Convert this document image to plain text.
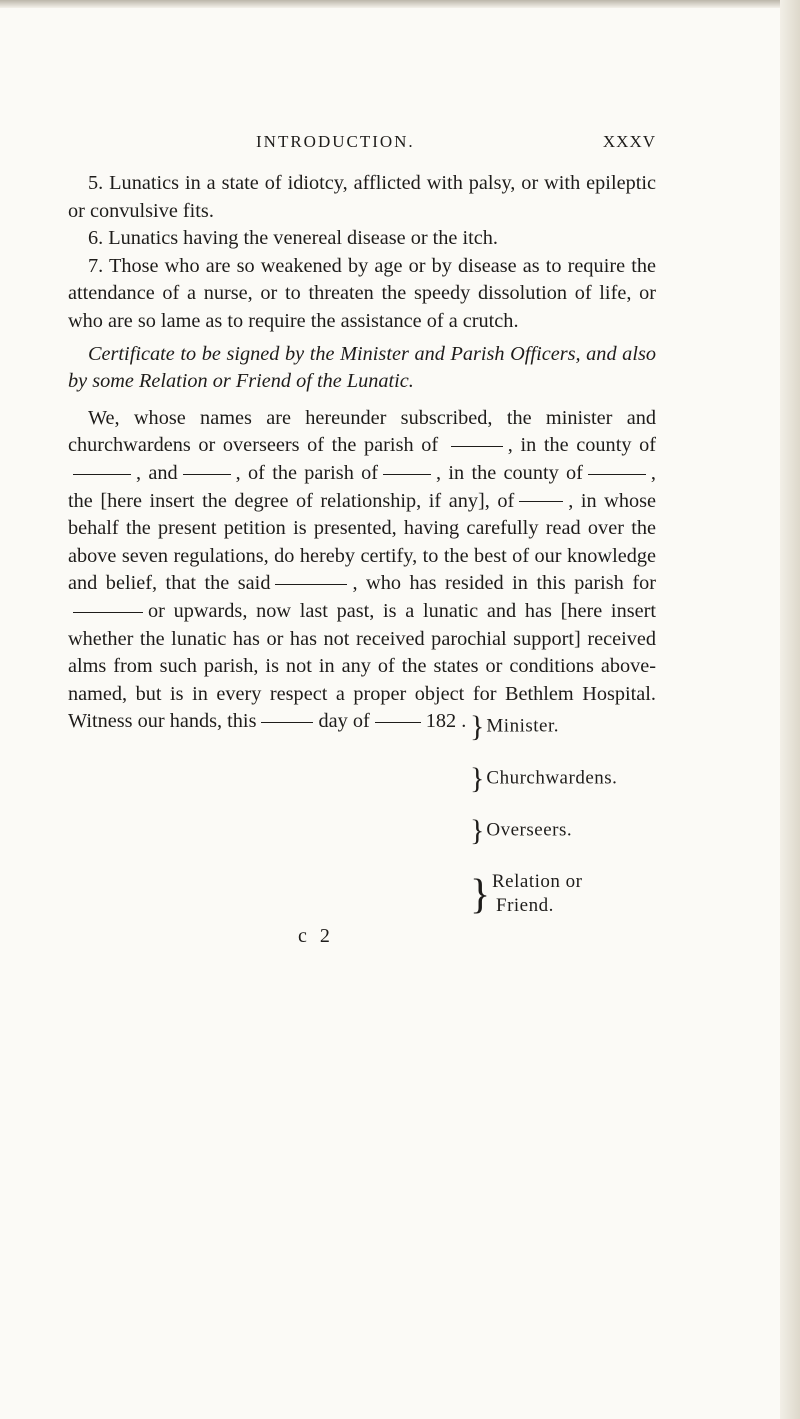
INTRODUCTION.	XXXV

5. Lunatics in a state of idiotcy, afflicted with palsy, or with epileptic or convulsive fits.

6. Lunatics having the venereal disease or the itch.

7. Those who are so weakened by age or by disease as to require the attendance of a nurse, or to threaten the speedy dissolution of life, or who are so lame as to require the assistance of a crutch.

Certificate to be signed by the Minister and Parish Officers, and also by some Relation or Friend of the Lunatic.

We, whose names are hereunder subscribed, the minister and churchwardens or overseers of the parish of	, in the county of, and	, of the parish of	, in the county of	, the [here insert the degree of relationship, if any], of	, in whose behalf the present petition is presented, having carefully read over the above seven regulations, do hereby certify, to the best of our knowledge and belief, that the said	, who has resided in this parish foror upwards, now last past, is a lunatic and has [here insert whether the lunatic has or has not received parochial support] received alms from such parish, is not in any of the states or conditions above-named, but is in every respect a proper object for Bethlem Hospital. Witness our hands, this	day of	182 . } Minister.
} Churchwardens.
} Overseers.
} Relation or
Friend.
c 2
